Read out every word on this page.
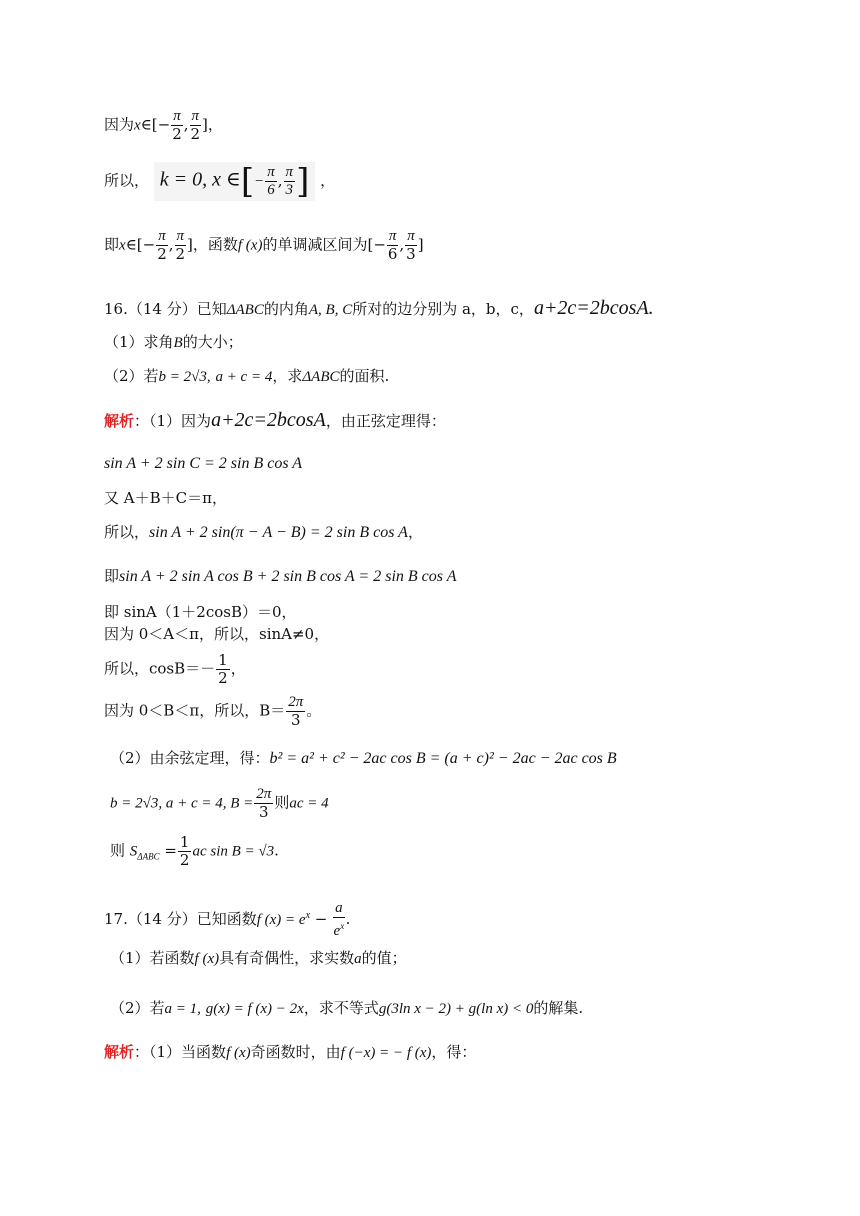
因为x∈[− $\frac{\pi}{2}$ , $\frac{\pi}{2}$ ]，
所以， k = 0, x ∈[− $\frac{\pi}{6}$ , $\frac{\pi}{3}$ ] ，
即x∈[− $\frac{\pi}{2}$ , $\frac{\pi}{2}$ ]，函数f (x)的单调减区间为[− $\frac{\pi}{6}$ , $\frac{\pi}{3}$ ]
16.（14 分）已知ΔABC的内角A, B, C所对的边分别为 a，b，c，a+2c=2bcosA.
（1）求角B的大小；
（2）若b = 2√3, a + c = 4，求ΔABC的面积.
解析：（1）因为a+2c=2bcosA，由正弦定理得：
sin A + 2 sin C = 2 sin B cos A
又 A＋B＋C＝π，
所以，sin A + 2 sin(π − A − B) = 2 sin B cos A，
即sin A + 2 sin A cos B + 2 sin B cos A = 2 sin B cos A
即 sinA（1＋2cosB）＝0，
因为 0＜A＜π，所以，sinA≠0，
所以，$\cos B=- \frac{1}{2}$ ，
因为 0＜B＜π，所以，$B= \frac{2\pi}{3}$ 。
（2）由余弦定理，得：b² = a² + c² − 2ac cos B = (a + c)² − 2ac − 2ac cos B
b = 2√3, a + c = 4, $B = \frac{2\pi}{3}$ 则ac = 4
则 $S_{\Delta ABC} = \frac{1}{2}$ ac sin B = √3.
17.（14 分）已知函数f $(x) = e^x - \frac{a}{e^x}$ .
（1）若函数f (x)具有奇偶性，求实数a的值；
（2）若a = 1, g(x) = f (x) − 2x，求不等式g(3ln x − 2) + g(ln x) < 0的解集.
解析：（1）当函数f (x)奇函数时，由f (−x) = − f (x)，得：
